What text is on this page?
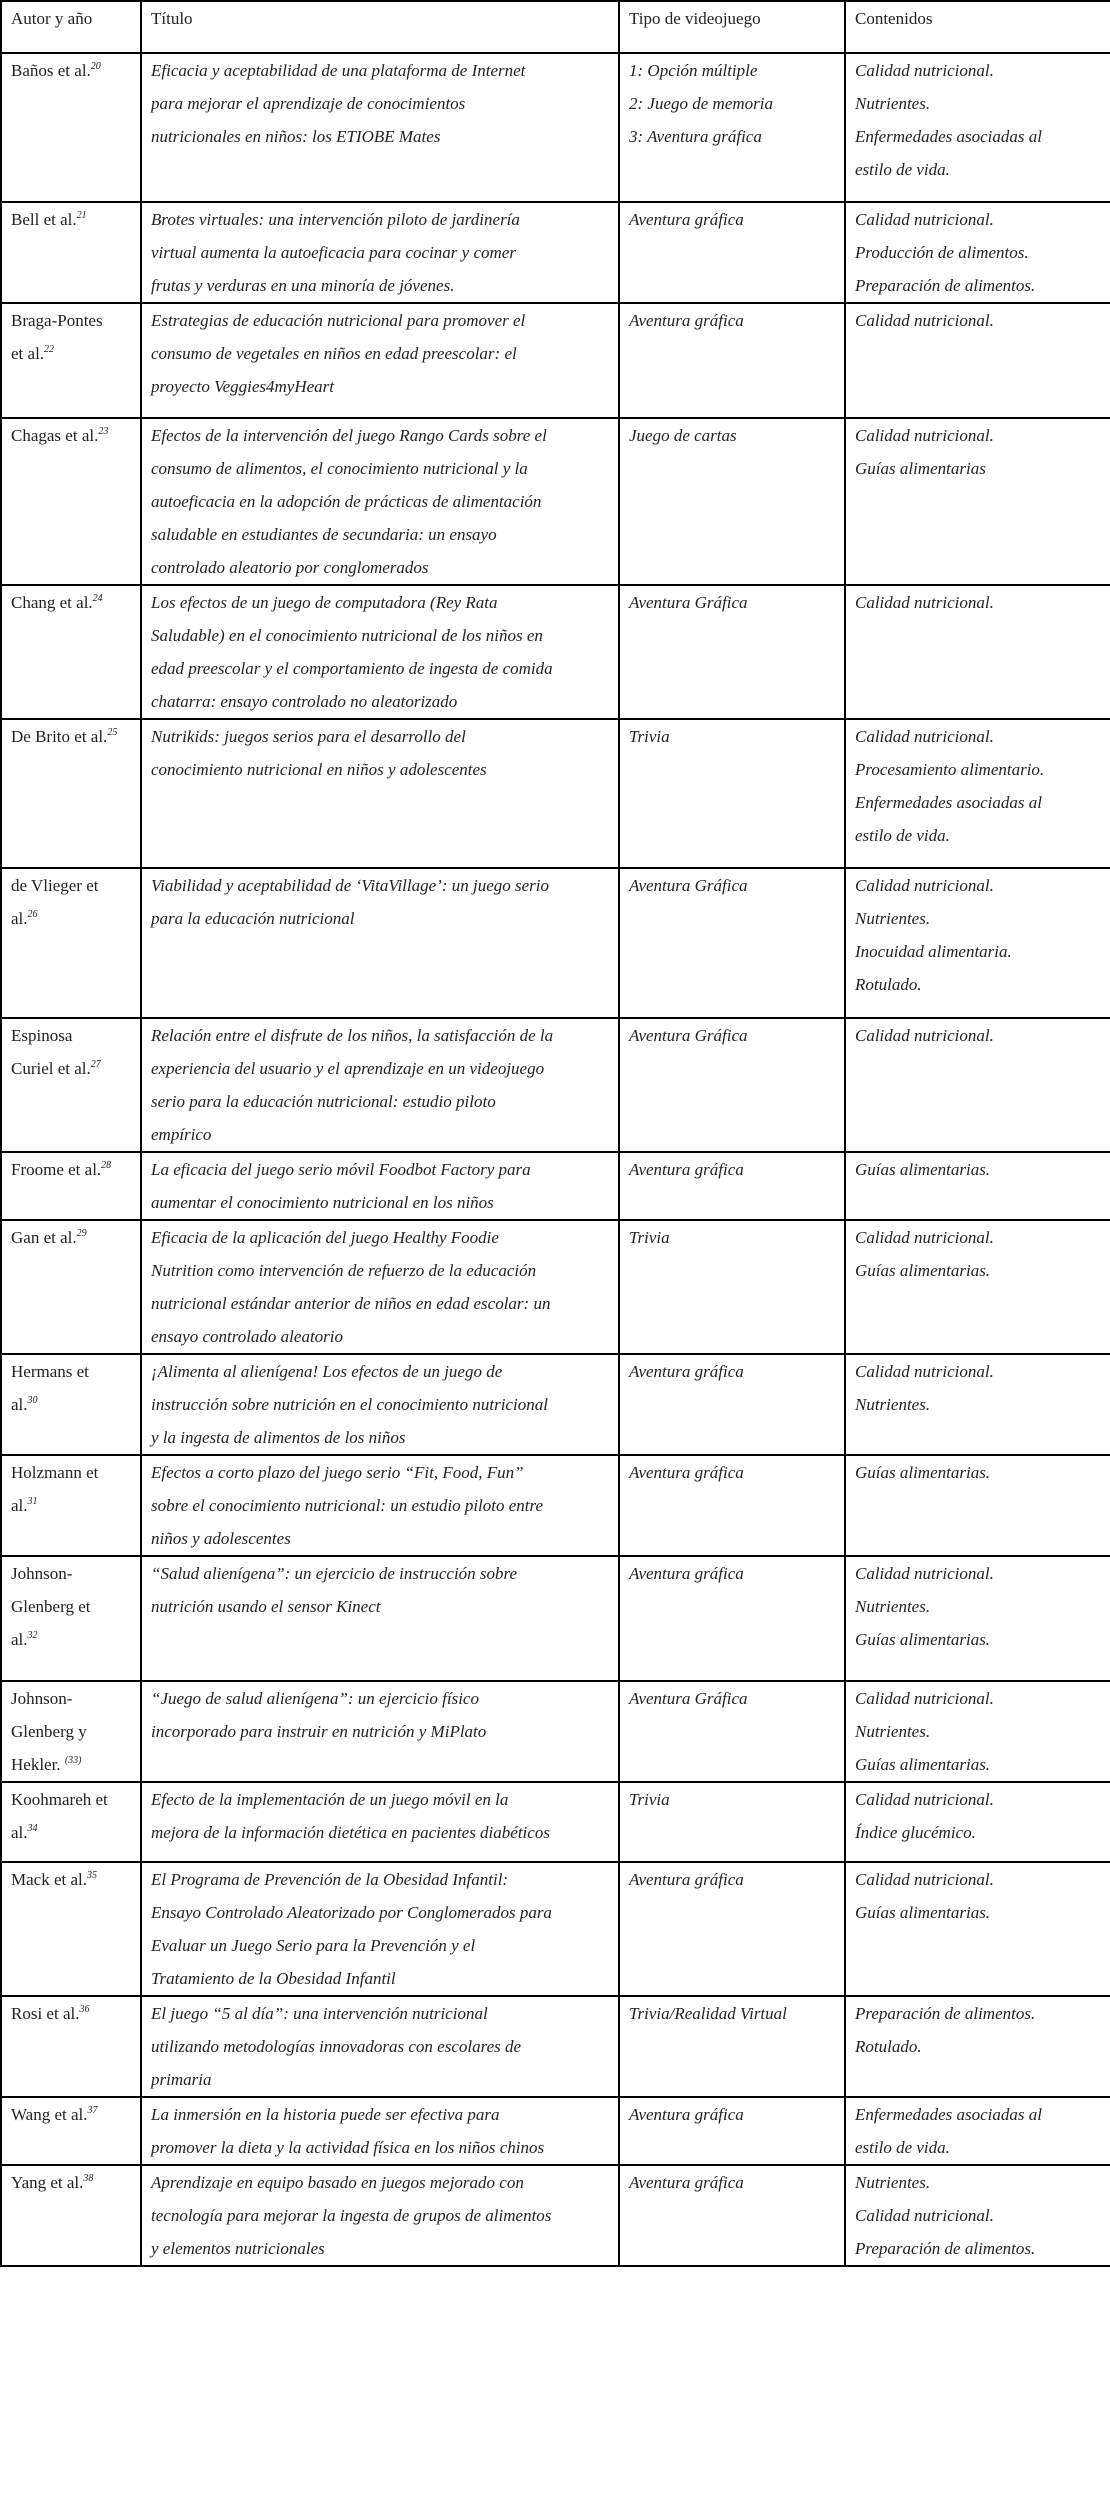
Autor y año	Título	Tipo de videojuego	Contenidos

Baños et al.$^{20}$	Eficacia y aceptabilidad de una plataforma de Internet
para mejorar el aprendizaje de conocimientos
nutricionales en niños: los ETIOBE Mates	1: Opción múltiple
2: Juego de memoria
3: Aventura gráfica	Calidad nutricional.
Nutrientes.
Enfermedades asociadas al
estilo de vida.

Bell et al.$^{21}$	Brotes virtuales: una intervención piloto de jardinería
virtual aumenta la autoeficacia para cocinar y comer
frutas y verduras en una minoría de jóvenes.	Aventura gráfica	Calidad nutricional.
Producción de alimentos.
Preparación de alimentos.

Braga-Pontes
et al.$^{22}$	Estrategias de educación nutricional para promover el
consumo de vegetales en niños en edad preescolar: el
proyecto Veggies4myHeart	Aventura gráfica	Calidad nutricional.

Chagas et al.$^{23}$	Efectos de la intervención del juego Rango Cards sobre el
consumo de alimentos, el conocimiento nutricional y la
autoeficacia en la adopción de prácticas de alimentación
saludable en estudiantes de secundaria: un ensayo
controlado aleatorio por conglomerados	Juego de cartas	Calidad nutricional.
Guías alimentarias

Chang et al.$^{24}$	Los efectos de un juego de computadora (Rey Rata
Saludable) en el conocimiento nutricional de los niños en
edad preescolar y el comportamiento de ingesta de comida
chatarra: ensayo controlado no aleatorizado	Aventura Gráfica	Calidad nutricional.

De Brito et al.$^{25}$	Nutrikids: juegos serios para el desarrollo del
conocimiento nutricional en niños y adolescentes	Trivia	Calidad nutricional.
Procesamiento alimentario.
Enfermedades asociadas al
estilo de vida.

de Vlieger et
al.$^{26}$	Viabilidad y aceptabilidad de ‘VitaVillage’: un juego serio
para la educación nutricional	Aventura Gráfica	Calidad nutricional.
Nutrientes.
Inocuidad alimentaria.
Rotulado.

Espinosa
Curiel et al.$^{27}$	Relación entre el disfrute de los niños, la satisfacción de la
experiencia del usuario y el aprendizaje en un videojuego
serio para la educación nutricional: estudio piloto
empírico	Aventura Gráfica	Calidad nutricional.

Froome et al.$^{28}$	La eficacia del juego serio móvil Foodbot Factory para
aumentar el conocimiento nutricional en los niños	Aventura gráfica	Guías alimentarias.

Gan et al.$^{29}$	Eficacia de la aplicación del juego Healthy Foodie
Nutrition como intervención de refuerzo de la educación
nutricional estándar anterior de niños en edad escolar: un
ensayo controlado aleatorio	Trivia	Calidad nutricional.
Guías alimentarias.

Hermans et
al.$^{30}$	¡Alimenta al alienígena! Los efectos de un juego de
instrucción sobre nutrición en el conocimiento nutricional
y la ingesta de alimentos de los niños	Aventura gráfica	Calidad nutricional.
Nutrientes.

Holzmann et
al.$^{31}$	Efectos a corto plazo del juego serio “Fit, Food, Fun”
sobre el conocimiento nutricional: un estudio piloto entre
niños y adolescentes	Aventura gráfica	Guías alimentarias.

Johnson-
Glenberg et
al.$^{32}$	“Salud alienígena”: un ejercicio de instrucción sobre
nutrición usando el sensor Kinect	Aventura gráfica	Calidad nutricional.
Nutrientes.
Guías alimentarias.

Johnson-
Glenberg y
Hekler. $^{(33)}$	“Juego de salud alienígena”: un ejercicio físico
incorporado para instruir en nutrición y MiPlato	Aventura Gráfica	Calidad nutricional.
Nutrientes.
Guías alimentarias.

Koohmareh et
al.$^{34}$	Efecto de la implementación de un juego móvil en la
mejora de la información dietética en pacientes diabéticos	Trivia	Calidad nutricional.
Índice glucémico.

Mack et al.$^{35}$	El Programa de Prevención de la Obesidad Infantil:
Ensayo Controlado Aleatorizado por Conglomerados para
Evaluar un Juego Serio para la Prevención y el
Tratamiento de la Obesidad Infantil	Aventura gráfica	Calidad nutricional.
Guías alimentarias.

Rosi et al.$^{36}$	El juego “5 al día”: una intervención nutricional
utilizando metodologías innovadoras con escolares de
primaria	Trivia/Realidad Virtual	Preparación de alimentos.
Rotulado.

Wang et al.$^{37}$	La inmersión en la historia puede ser efectiva para
promover la dieta y la actividad física en los niños chinos	Aventura gráfica	Enfermedades asociadas al
estilo de vida.

Yang et al.$^{38}$	Aprendizaje en equipo basado en juegos mejorado con
tecnología para mejorar la ingesta de grupos de alimentos
y elementos nutricionales	Aventura gráfica	Nutrientes.
Calidad nutricional.
Preparación de alimentos.
